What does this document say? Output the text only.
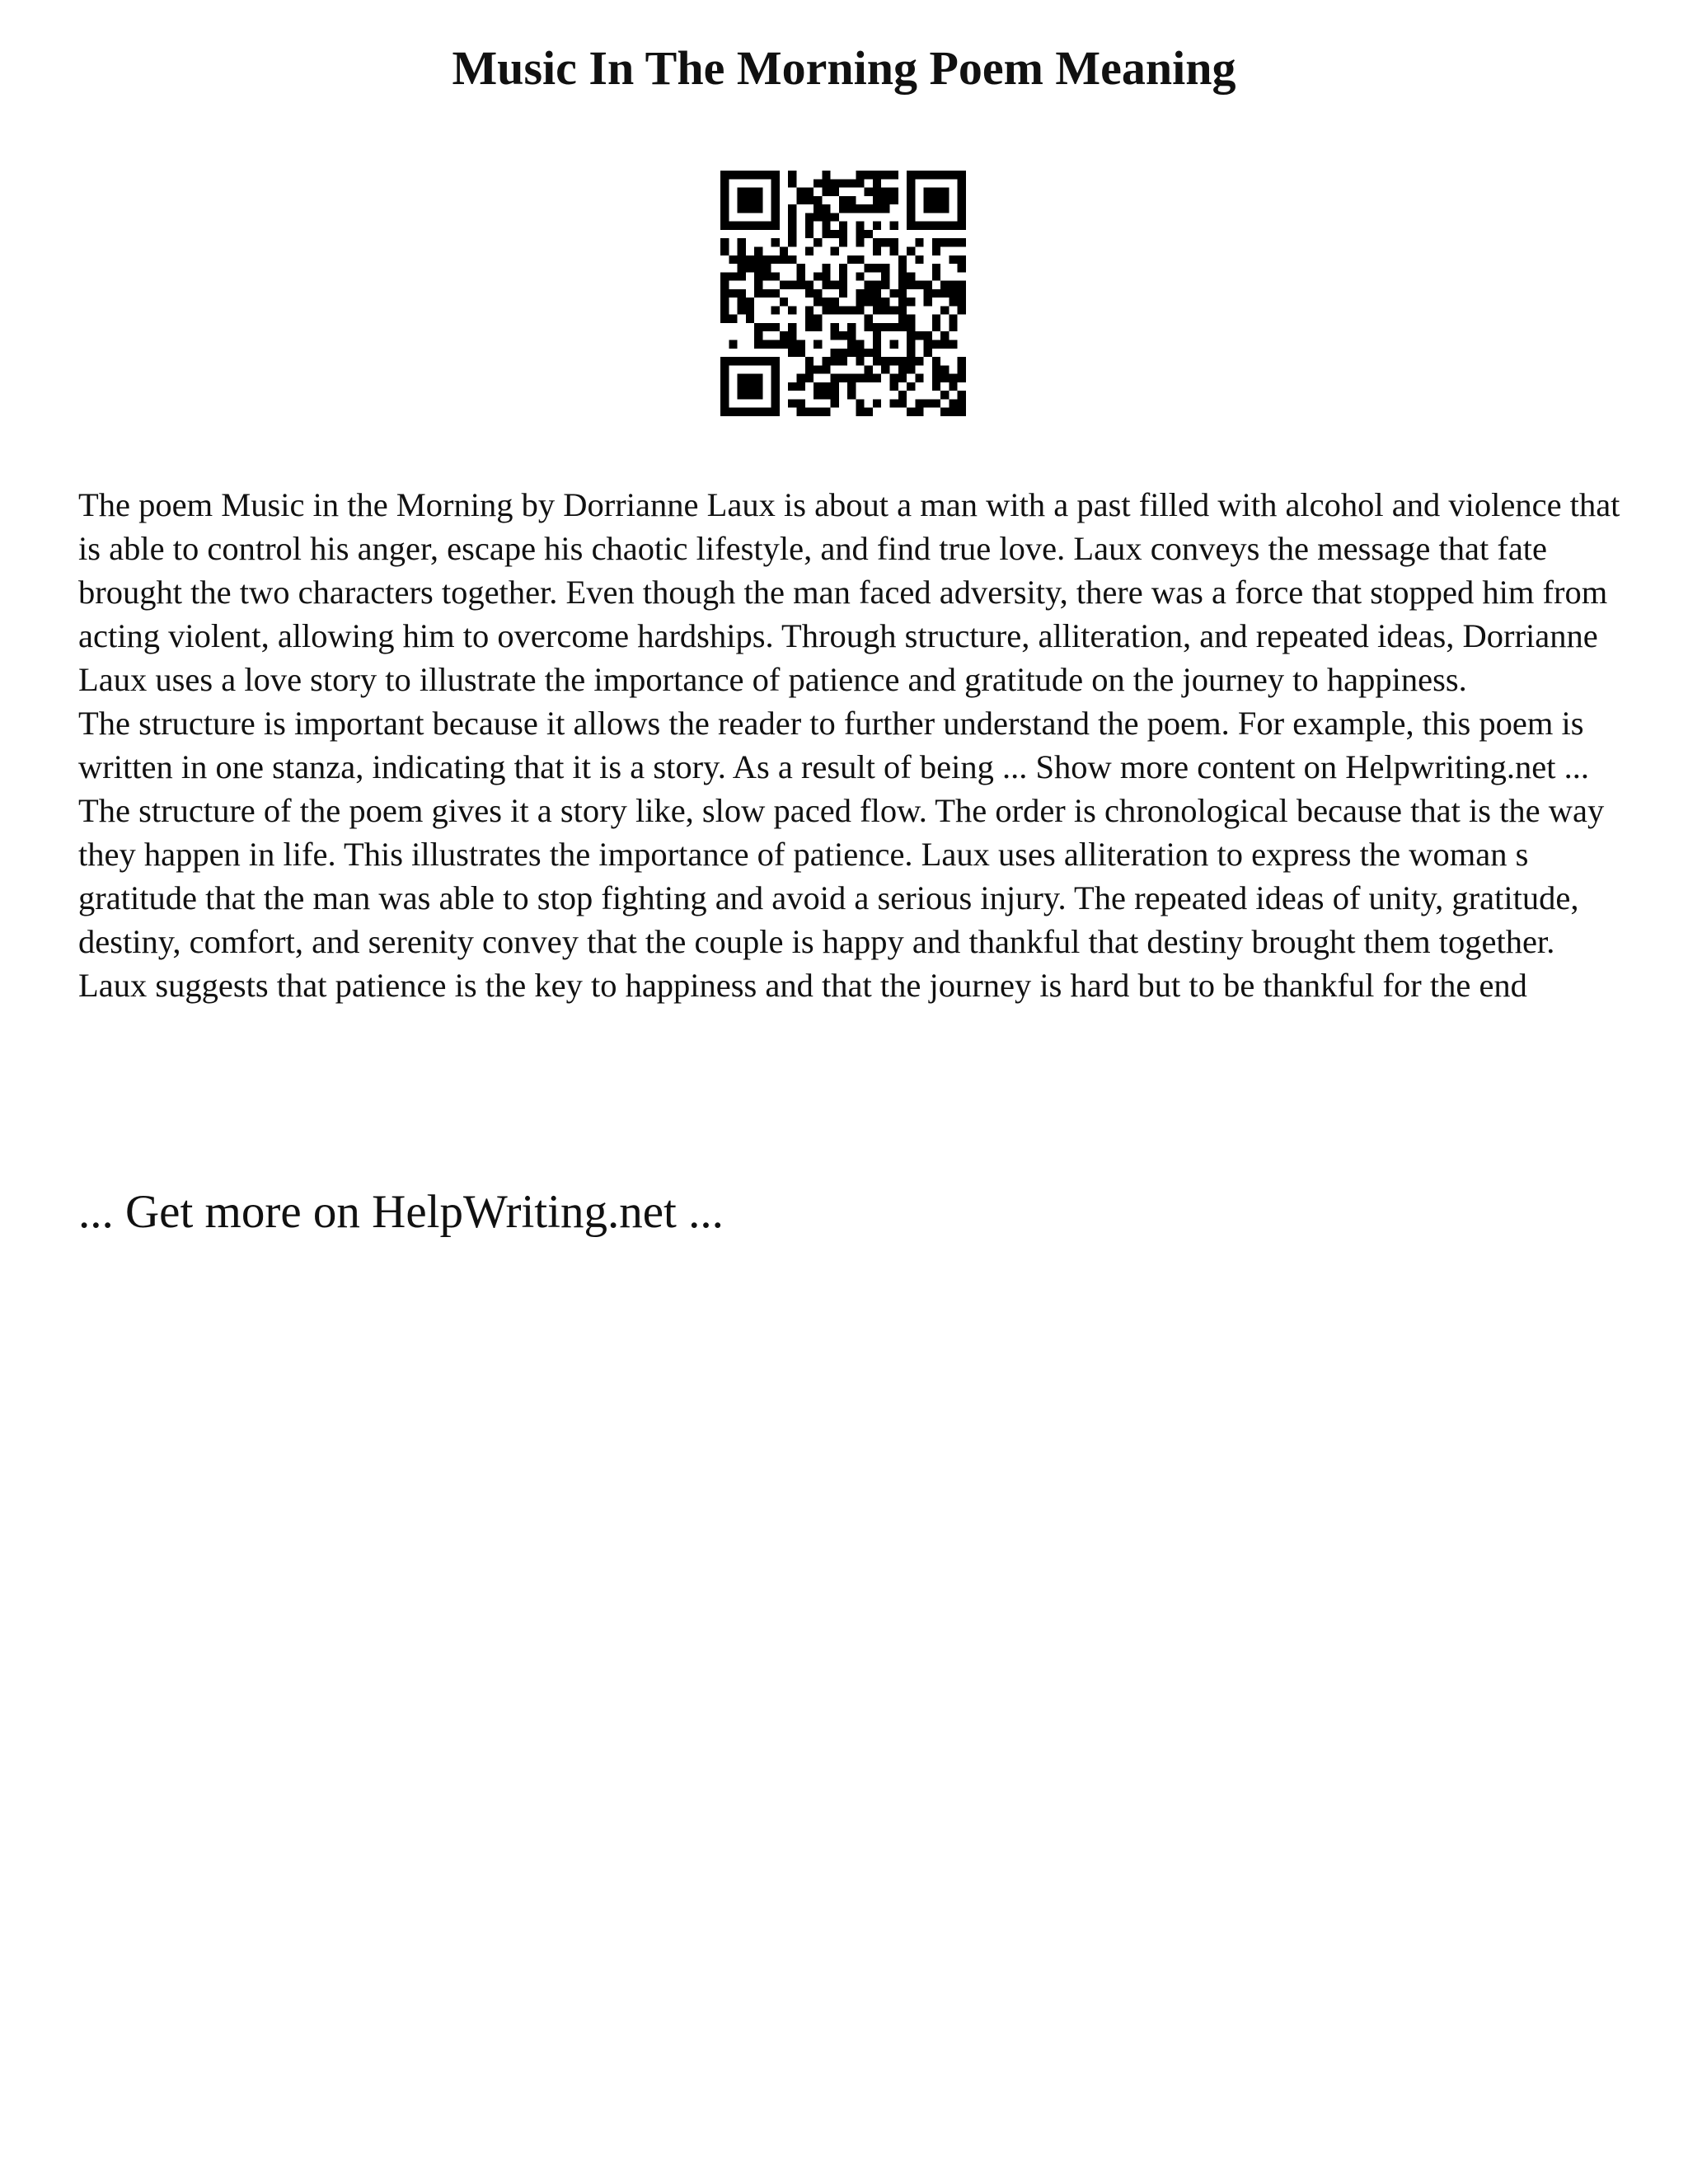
Music In The Morning Poem Meaning

The poem Music in the Morning by Dorrianne Laux is about a man with a past filled with alcohol and violence that is able to control his anger, escape his chaotic lifestyle, and find true love. Laux conveys the message that fate brought the two characters together. Even though the man faced adversity, there was a force that stopped him from acting violent, allowing him to overcome hardships. Through structure, alliteration, and repeated ideas, Dorrianne Laux uses a love story to illustrate the importance of patience and gratitude on the journey to happiness.

The structure is important because it allows the reader to further understand the poem. For example, this poem is written in one stanza, indicating that it is a story. As a result of being ... Show more content on Helpwriting.net ...

The structure of the poem gives it a story like, slow paced flow. The order is chronological because that is the way they happen in life. This illustrates the importance of patience. Laux uses alliteration to express the woman s gratitude that the man was able to stop fighting and avoid a serious injury. The repeated ideas of unity, gratitude, destiny, comfort, and serenity convey that the couple is happy and thankful that destiny brought them together. Laux suggests that patience is the key to happiness and that the journey is hard but to be thankful for the end

... Get more on HelpWriting.net ...
